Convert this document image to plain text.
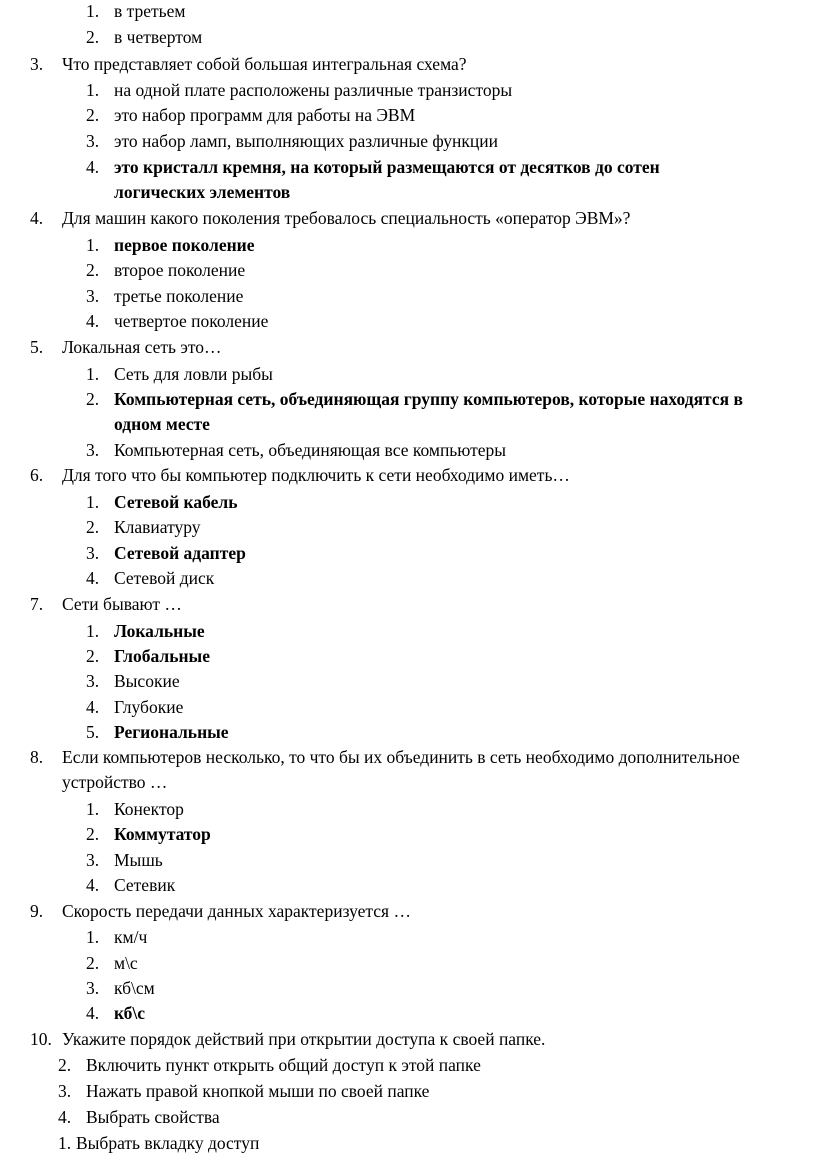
1. в третьем
2. в четвертом
3. Что представляет собой большая интегральная схема?
1. на одной плате расположены различные транзисторы
2. это набор программ для работы на ЭВМ
3. это набор ламп, выполняющих различные функции
4. это кристалл кремня, на который размещаются от десятков до сотен
логических элементов
4. Для машин какого поколения требовалось специальность «оператор ЭВМ»?
1. первое поколение
2. второе поколение
3. третье поколение
4. четвертое поколение
5. Локальная сеть это…
1. Сеть для ловли рыбы
2. Компьютерная сеть, объединяющая группу компьютеров, которые находятся в
одном месте
3. Компьютерная сеть, объединяющая все компьютеры
6. Для того что бы компьютер подключить к сети необходимо иметь…
1. Сетевой кабель
2. Клавиатуру
3. Сетевой адаптер
4. Сетевой диск
7. Сети бывают …
1. Локальные
2. Глобальные
3. Высокие
4. Глубокие
5. Региональные
8. Если компьютеров несколько, то что бы их объединить в сеть необходимо дополнительное
устройство …
1. Конектор
2. Коммутатор
3. Мышь
4. Сетевик
9. Скорость передачи данных характеризуется …
1. км/ч
2. м\с
3. кб\см
4. кб\с
10. Укажите порядок действий при открытии доступа к своей папке.
2. Включить пункт открыть общий доступ к этой папке
3. Нажать правой кнопкой мыши по своей папке
4. Выбрать свойства
1. Выбрать вкладку доступ
